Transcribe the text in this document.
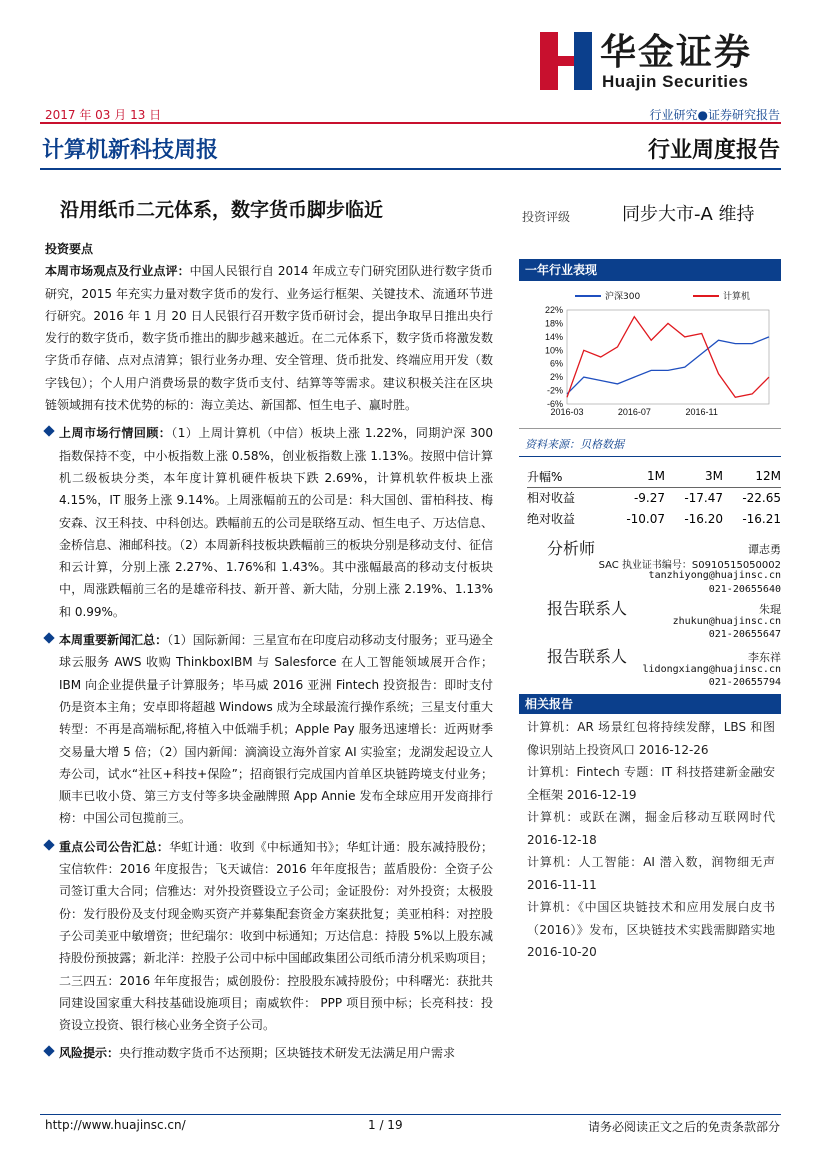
华金证券
Huajin Securities
2017 年 03 月 13 日	行业研究●证券研究报告
计算机新科技周报	行业周度报告
沿用纸币二元体系，数字货币脚步临近	投资评级	同步大市-A 维持
投资要点

本周市场观点及行业点评：中国人民银行自 2014 年成立专门研究团队进行数字货币研究，2015 年充实力量对数字货币的发行、业务运行框架、关键技术、流通环节进行研究。2016 年 1 月 20 日人民银行召开数字货币研讨会，提出争取早日推出央行发行的数字货币，数字货币推出的脚步越来越近。在二元体系下，数字货币将激发数字货币存储、点对点清算；银行业务办理、安全管理、货币批发、终端应用开发（数字钱包）；个人用户消费场景的数字货币支付、结算等等需求。建议积极关注在区块链领域拥有技术优势的标的：海立美达、新国都、恒生电子、赢时胜。

上周市场行情回顾：（1）上周计算机（中信）板块上涨 1.22%，同期沪深 300 指数保持不变，中小板指数上涨 0.58%，创业板指数上涨 1.13%。按照中信计算机二级板块分类，本年度计算机硬件板块下跌 2.69%，计算机软件板块上涨 4.15%，IT 服务上涨 9.14%。上周涨幅前五的公司是：科大国创、雷柏科技、梅安森、汉王科技、中科创达。跌幅前五的公司是联络互动、恒生电子、万达信息、金桥信息、湘邮科技。（2）本周新科技板块跌幅前三的板块分别是移动支付、征信和云计算，分别上涨 2.27%、1.76%和 1.43%。其中涨幅最高的移动支付板块中，周涨跌幅前三名的是雄帝科技、新开普、新大陆，分别上涨 2.19%、1.13%和 0.99%。
本周重要新闻汇总：（1）国际新闻：三星宣布在印度启动移动支付服务；亚马逊全球云服务 AWS 收购 ThinkboxIBM 与 Salesforce 在人工智能领域展开合作；IBM 向企业提供量子计算服务；毕马威 2016 亚洲 Fintech 投资报告：即时支付仍是资本主角；安卓即将超越 Windows 成为全球最流行操作系统；三星支付重大转型：不再是高端标配,将植入中低端手机；Apple Pay 服务迅速增长：近两财季交易量大增 5 倍；（2）国内新闻：滴滴设立海外首家 AI 实验室；龙湖发起设立人寿公司，试水“社区+科技+保险”；招商银行完成国内首单区块链跨境支付业务；顺丰已收小贷、第三方支付等多块金融牌照 App Annie 发布全球应用开发商排行榜：中国公司包揽前三。
重点公司公告汇总：华虹计通：收到《中标通知书》；华虹计通：股东减持股份；宝信软件：2016 年度报告；飞天诚信：2016 年年度报告；蓝盾股份：全资子公司签订重大合同；信雅达：对外投资暨设立子公司；金证股份：对外投资；太极股份：发行股份及支付现金购买资产并募集配套资金方案获批复；美亚柏科：对控股子公司美亚中敏增资；世纪瑞尔：收到中标通知；万达信息：持股 5%以上股东减持股份预披露；新北洋：控股子公司中标中国邮政集团公司纸币清分机采购项目；二三四五：2016 年年度报告；威创股份：控股股东减持股份；中科曙光：获批共同建设国家重大科技基础设施项目；南威软件： PPP 项目预中标；长亮科技：投资设立投资、银行核心业务全资子公司。
风险提示：央行推动数字货币不达预期；区块链技术研发无法满足用户需求
一年行业表现
22%
18%
14%
10%
6%
2%
-2%
-6%
2016-03	2016-07	2016-11
沪深300	计算机
资料来源：贝格数据
升幅%	1M	3M	12M
相对收益	-9.27	-17.47	-22.65
绝对收益	-10.07	-16.20	-16.21
分析师	谭志勇
SAC 执业证书编号：S0910515050002
tanzhiyong@huajinsc.cn
021-20655640
报告联系人	朱琨
zhukun@huajinsc.cn
021-20655647
报告联系人	李东祥
lidongxiang@huajinsc.cn
021-20655794
相关报告
计算机：AR 场景红包将持续发酵，LBS 和图像识别站上投资风口 2016-12-26
计算机：Fintech 专题：IT 科技搭建新金融安全框架 2016-12-19
计算机：或跃在渊，掘金后移动互联网时代 2016-12-18
计算机：人工智能：AI 潜入数，润物细无声 2016-11-11
计算机：《中国区块链技术和应用发展白皮书（2016）》发布，区块链技术实践需脚踏实地 2016-10-20
http://www.huajinsc.cn/	1 / 19	请务必阅读正文之后的免责条款部分
